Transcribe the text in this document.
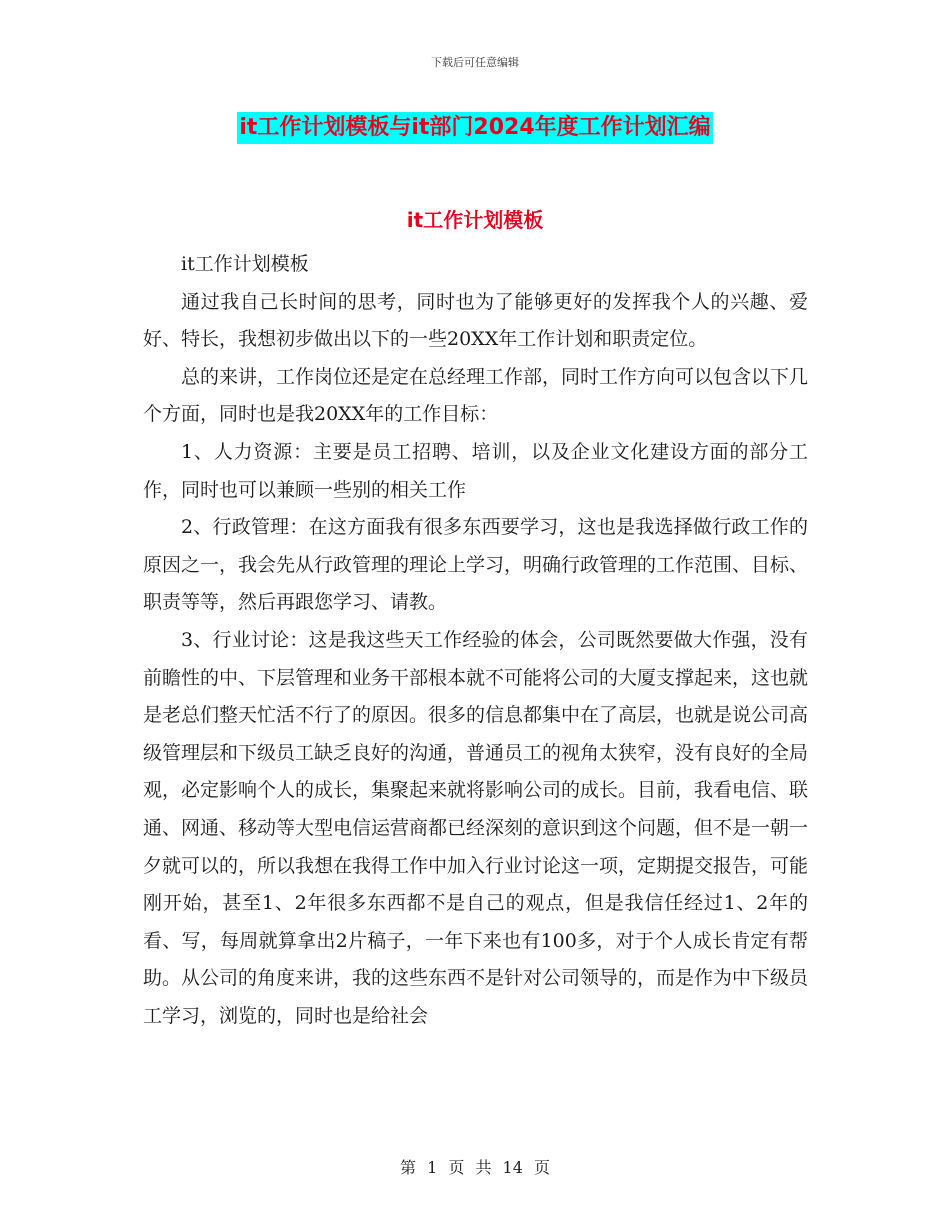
下载后可任意编辑
it工作计划模板与it部门2024年度工作计划汇编
it工作计划模板

it工作计划模板

通过我自己长时间的思考，同时也为了能够更好的发挥我个人的兴趣、爱好、特长，我想初步做出以下的一些20XX年工作计划和职责定位。

总的来讲，工作岗位还是定在总经理工作部，同时工作方向可以包含以下几个方面，同时也是我20XX年的工作目标：

1、人力资源：主要是员工招聘、培训，以及企业文化建设方面的部分工作，同时也可以兼顾一些别的相关工作

2、行政管理：在这方面我有很多东西要学习，这也是我选择做行政工作的原因之一，我会先从行政管理的理论上学习，明确行政管理的工作范围、目标、职责等等，然后再跟您学习、请教。

3、行业讨论：这是我这些天工作经验的体会，公司既然要做大作强，没有前瞻性的中、下层管理和业务干部根本就不可能将公司的大厦支撑起来，这也就是老总们整天忙活不行了的原因。很多的信息都集中在了高层，也就是说公司高级管理层和下级员工缺乏良好的沟通，普通员工的视角太狭窄，没有良好的全局观，必定影响个人的成长，集聚起来就将影响公司的成长。目前，我看电信、联通、网通、移动等大型电信运营商都已经深刻的意识到这个问题，但不是一朝一夕就可以的，所以我想在我得工作中加入行业讨论这一项，定期提交报告，可能刚开始，甚至1、2年很多东西都不是自己的观点，但是我信任经过1、2年的看、写，每周就算拿出2片稿子，一年下来也有100多，对于个人成长肯定有帮助。从公司的角度来讲，我的这些东西不是针对公司领导的，而是作为中下级员工学习，浏览的，同时也是给社会

第 1 页 共 14 页
